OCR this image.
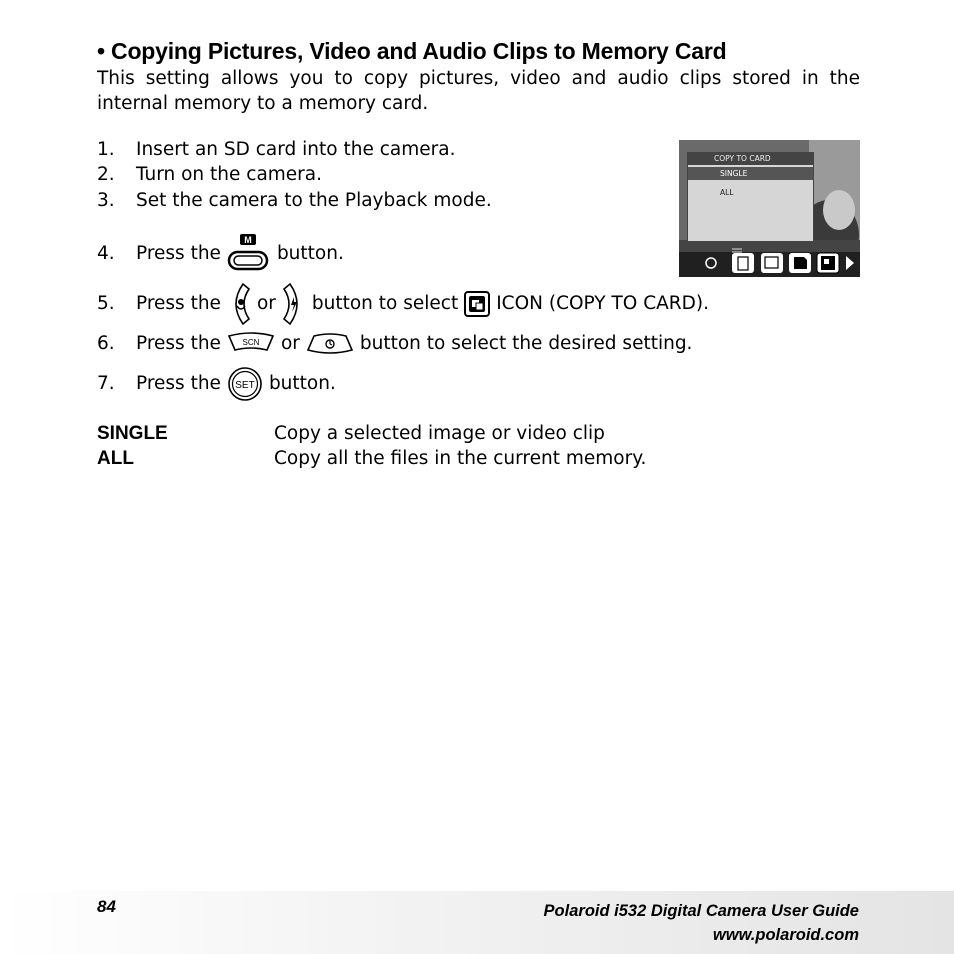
• Copying Pictures, Video and Audio Clips to Memory Card

This setting allows you to copy pictures, video and audio clips stored in the internal memory to a memory card.

1.	Insert an SD card into the camera.
2.	Turn on the camera.
3.	Set the camera to the Playback mode.
4.	Press the
M
button.
5.	Press the or button to select ICON (COPY TO CARD).
6.	Press the	SCN or	button to select the desired setting.
7.	Press the SET button.
COPY TO CARD
SINGLE
ALL
SINGLE	Copy a selected image or video clip
ALL	Copy all the files in the current memory.

84	Polaroid i532 Digital Camera User Guide
www.polaroid.com
